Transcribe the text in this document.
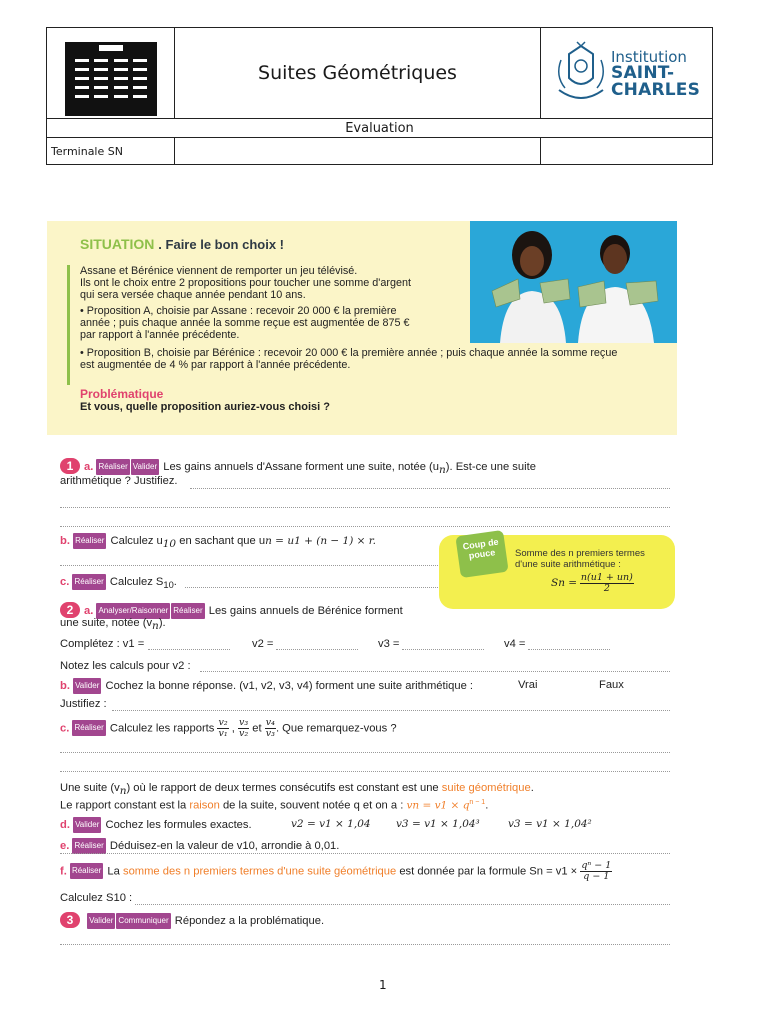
	Suites Géométriques	Institution
SAINT-CHARLES

Evaluation		
Terminale SN		
SITUATION . Faire le bon choix !
Assane et Bérénice viennent de remporter un jeu télévisé.
Ils ont le choix entre 2 propositions pour toucher une somme d'argent
qui sera versée chaque année pendant 10 ans.
• Proposition A, choisie par Assane : recevoir 20 000 € la première
année ; puis chaque année la somme reçue est augmentée de 875 €
par rapport à l'année précédente.
• Proposition B, choisie par Bérénice : recevoir 20 000 € la première année ; puis chaque année la somme reçue
est augmentée de 4 % par rapport à l'année précédente.
Problématique
Et vous, quelle proposition auriez-vous choisi ?
1 a. Réaliser Valider Les gains annuels d'Assane forment une suite, notée $(u_n)$. Est-ce une suite
arithmétique ? Justifiez.
b. Réaliser Calculez $u_{10}$ en sachant que un = u1 + (n − 1) × r.
c. Réaliser Calculez $S_{10}$.
Coup de pouce	Somme des n premiers termes
d'une suite arithmétique :
$Sn = \frac{n(u1 + un)}{2}$
2 a. Analyser/Raisonner Réaliser Les gains annuels de Bérénice forment
une suite, notée $(v_n)$.
Complétez : v1 =	v2 =	v3 =	v4 =
Notez les calculs pour v2 :
b. Valider Cochez la bonne réponse. (v1, v2, v3, v4) forment une suite arithmétique :	Vrai	Faux
Justifiez :
c. Réaliser Calculez les rapports $\frac{\text{v₂}}{\text{v₁}}$ , $\frac{\text{v₃}}{\text{v₂}}$ et $\frac{\text{v₄}}{\text{v₃}}$ . Que remarquez-vous ?
Une suite $(v_n)$ où le rapport de deux termes consécutifs est constant est une suite géométrique.
Le rapport constant est la raison de la suite, souvent notée q et on a : vn = $v1 \times q^{n - 1}$.
d. Valider Cochez les formules exactes.	v2 = v1 × 1,04 v3 = v1 × 1,04³	v3 = v1 × 1,04²
e. Réaliser Déduisez-en la valeur de v10, arrondie à 0,01.
f. Réaliser La somme des n premiers termes d'une suite géométrique est donnée par la formule $Sn = v1 \times \frac{\text{qⁿ − 1}}{q - 1}$
Calculez S10 :
3 Valider Communiquer Répondez a la problématique.
1
